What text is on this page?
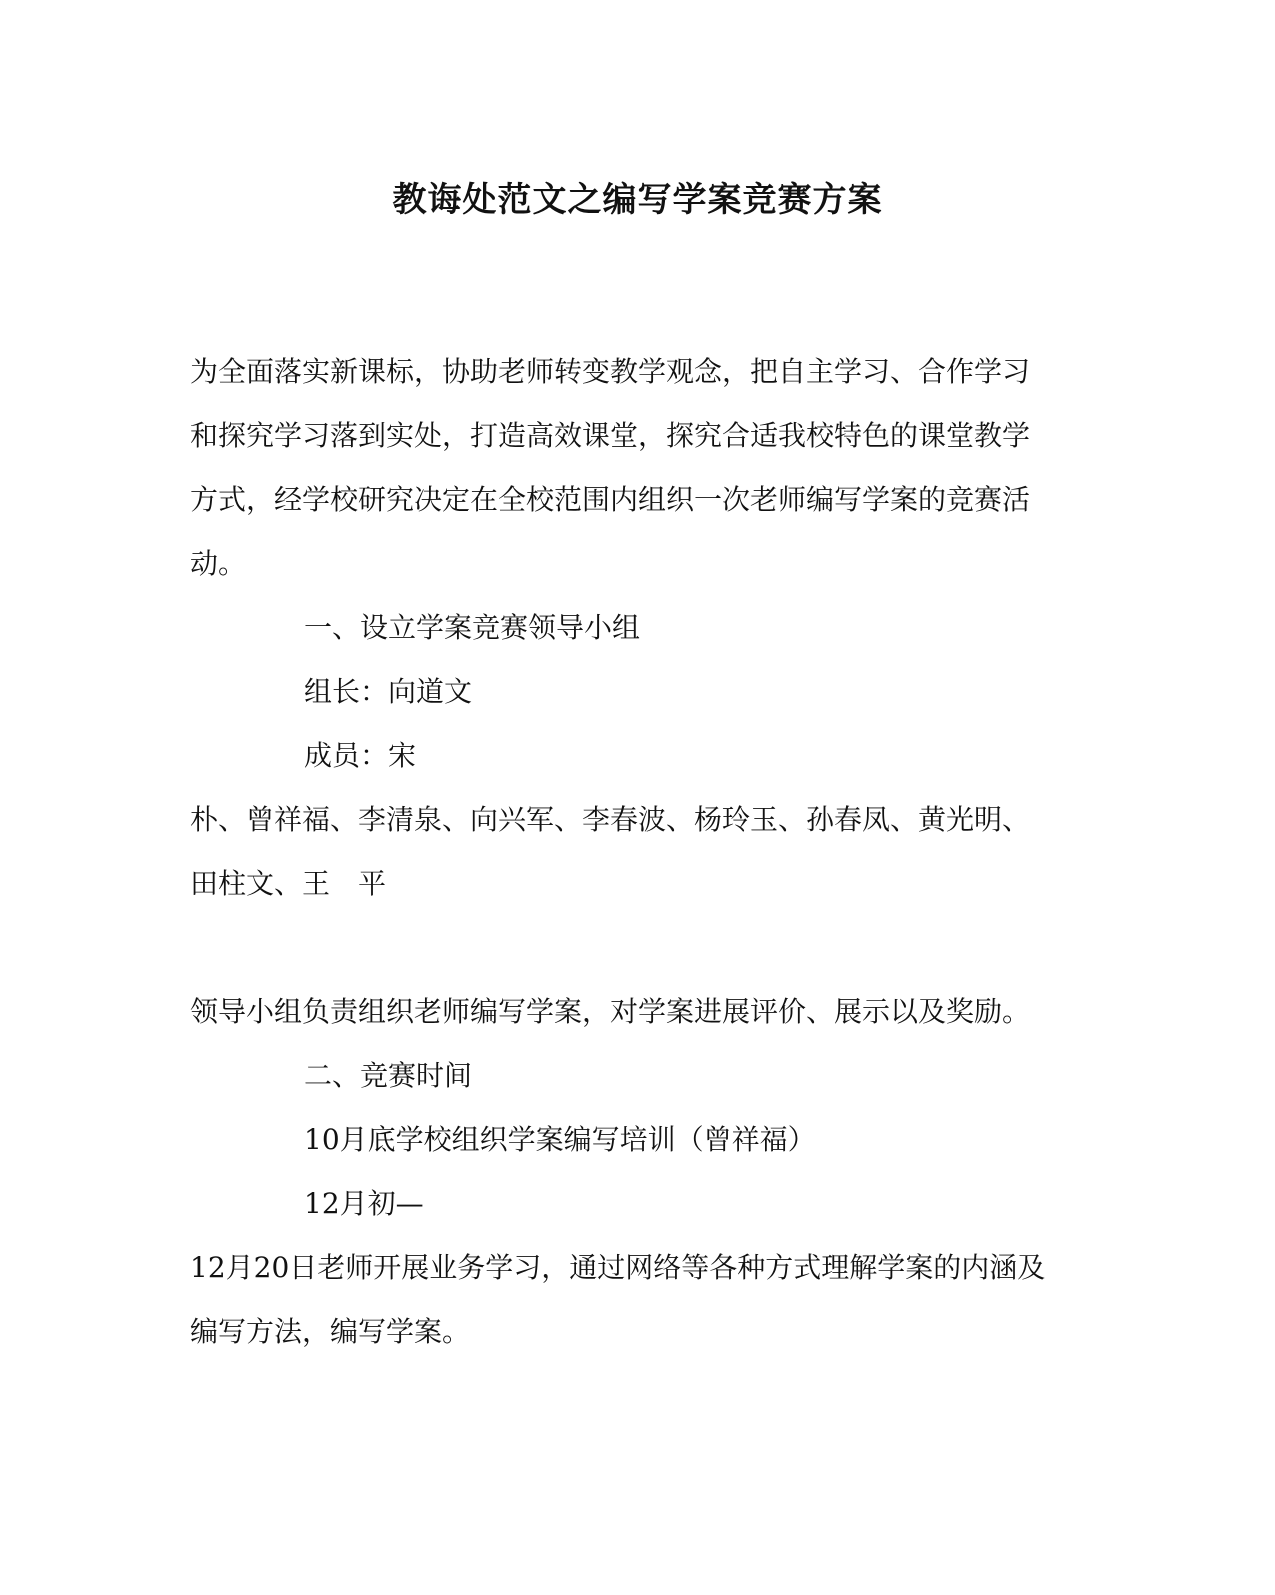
教诲处范文之编写学案竞赛方案

为全面落实新课标，协助老师转变教学观念，把自主学习、合作学习

和探究学习落到实处，打造高效课堂，探究合适我校特色的课堂教学

方式，经学校研究决定在全校范围内组织一次老师编写学案的竞赛活

动。

一、设立学案竞赛领导小组

组长：向道文

成员：宋

朴、曾祥福、李清泉、向兴军、李春波、杨玲玉、孙春凤、黄光明、

田柱文、王　平

领导小组负责组织老师编写学案，对学案进展评价、展示以及奖励。

二、竞赛时间

10月底学校组织学案编写培训（曾祥福）

12月初—

12月20日老师开展业务学习，通过网络等各种方式理解学案的内涵及

编写方法，编写学案。
